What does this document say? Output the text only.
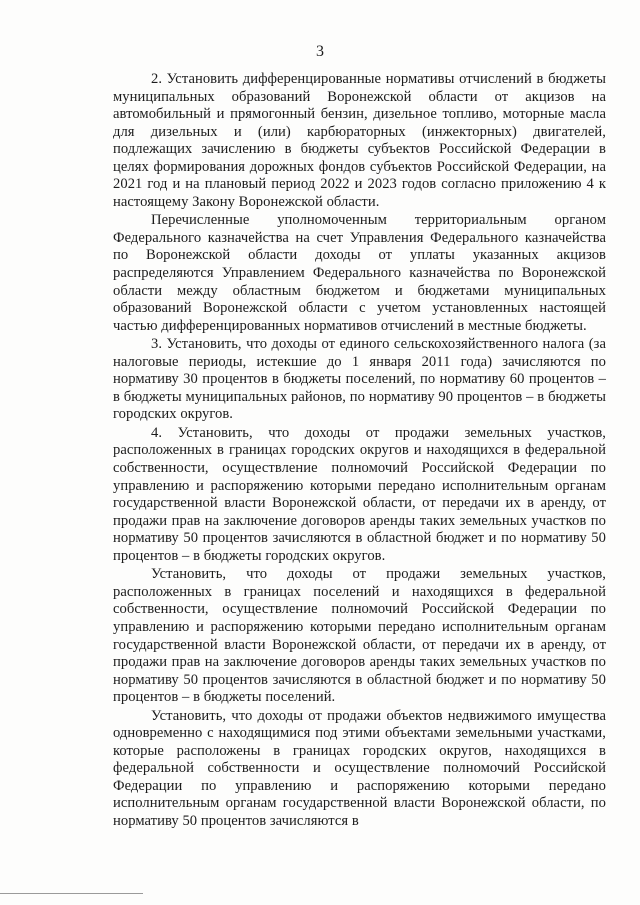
3

2. Установить дифференцированные нормативы отчислений в бюджеты муниципальных образований Воронежской области от акцизов на автомобильный и прямогонный бензин, дизельное топливо, моторные масла для дизельных и (или) карбюраторных (инжекторных) двигателей, подлежащих зачислению в бюджеты субъектов Российской Федерации в целях формирования дорожных фондов субъектов Российской Федерации, на 2021 год и на плановый период 2022 и 2023 годов согласно приложению 4 к настоящему Закону Воронежской области.

Перечисленные уполномоченным территориальным органом Федерального казначейства на счет Управления Федерального казначейства по Воронежской области доходы от уплаты указанных акцизов распределяются Управлением Федерального казначейства по Воронежской области между областным бюджетом и бюджетами муниципальных образований Воронежской области с учетом установленных настоящей частью дифференцированных нормативов отчислений в местные бюджеты.

3. Установить, что доходы от единого сельскохозяйственного налога (за налоговые периоды, истекшие до 1 января 2011 года) зачисляются по нормативу 30 процентов в бюджеты поселений, по нормативу 60 процентов – в бюджеты муниципальных районов, по нормативу 90 процентов – в бюджеты городских округов.

4. Установить, что доходы от продажи земельных участков, расположенных в границах городских округов и находящихся в федеральной собственности, осуществление полномочий Российской Федерации по управлению и распоряжению которыми передано исполнительным органам государственной власти Воронежской области, от передачи их в аренду, от продажи прав на заключение договоров аренды таких земельных участков по нормативу 50 процентов зачисляются в областной бюджет и по нормативу 50 процентов – в бюджеты городских округов.

Установить, что доходы от продажи земельных участков, расположенных в границах поселений и находящихся в федеральной собственности, осуществление полномочий Российской Федерации по управлению и распоряжению которыми передано исполнительным органам государственной власти Воронежской области, от передачи их в аренду, от продажи прав на заключение договоров аренды таких земельных участков по нормативу 50 процентов зачисляются в областной бюджет и по нормативу 50 процентов – в бюджеты поселений.

Установить, что доходы от продажи объектов недвижимого имущества одновременно с находящимися под этими объектами земельными участками, которые расположены в границах городских округов, находящихся в федеральной собственности и осуществление полномочий Российской Федерации по управлению и распоряжению которыми передано исполнительным органам государственной власти Воронежской области, по нормативу 50 процентов зачисляются в
